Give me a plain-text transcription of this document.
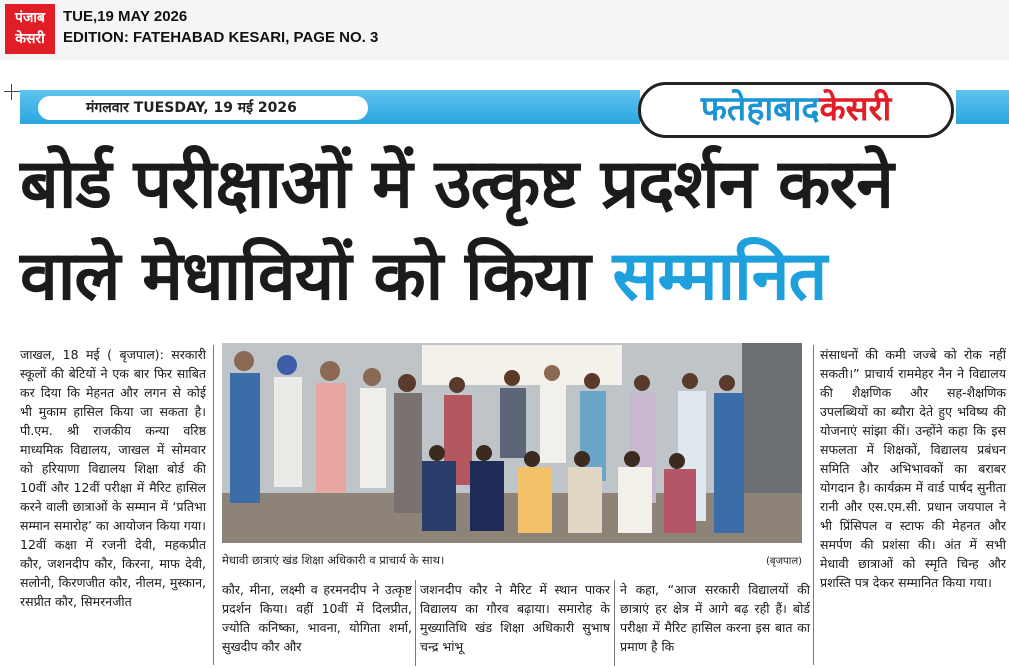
पंजाब
केसरी
TUE,19 MAY 2026
EDITION: FATEHABAD KESARI, PAGE NO. 3
मंगलवार TUESDAY, 19 मई 2026	फतेहाबादकेसरी
बोर्ड परीक्षाओं में उत्कृष्ट प्रदर्शन करने
वाले मेधावियों को किया सम्मानित
जाखल, 18 मई ( बृजपाल): सरकारी स्कूलों की बेटियों ने एक बार फिर साबित कर दिया कि मेहनत और लगन से कोई भी मुकाम हासिल किया जा सकता है। पी.एम. श्री राजकीय कन्या वरिष्ठ माध्यमिक विद्यालय, जाखल में सोमवार को हरियाणा विद्यालय शिक्षा बोर्ड की 10वीं और 12वीं परीक्षा में मैरिट हासिल करने वाली छात्राओं के सम्मान में ‘प्रतिभा सम्मान समारोह’ का आयोजन किया गया। 12वीं कक्षा में रजनी देवी, महकप्रीत कौर, जशनदीप कौर, किरना, माफ देवी, सलोनी, किरणजीत कौर, नीलम, मुस्कान, रसप्रीत कौर, सिमरनजीत
मेधावी छात्राएं खंड शिक्षा अधिकारी व प्राचार्य के साथ।	(बृजपाल)
कौर, मीना, लक्ष्मी व हरमनदीप ने उत्कृष्ट प्रदर्शन किया। वहीं 10वीं में दिलप्रीत, ज्योति कनिष्का, भावना, योगिता शर्मा, सुखदीप कौर और
जशनदीप कौर ने मैरिट में स्थान पाकर विद्यालय का गौरव बढ़ाया। समारोह के मुख्यातिथि खंड शिक्षा अधिकारी सुभाष चन्द्र भांभू
ने कहा, “आज सरकारी विद्यालयों की छात्राएं हर क्षेत्र में आगे बढ़ रही हैं। बोर्ड परीक्षा में मैरिट हासिल करना इस बात का प्रमाण है कि
संसाधनों की कमी जज्बे को रोक नहीं सकती।” प्राचार्य राममेहर नैन ने विद्यालय की शैक्षणिक और सह-शैक्षणिक उपलब्धियों का ब्यौरा देते हुए भविष्य की योजनाएं सांझा कीं। उन्होंने कहा कि इस सफलता में शिक्षकों, विद्यालय प्रबंधन समिति और अभिभावकों का बराबर योगदान है। कार्यक्रम में वार्ड पार्षद सुनीता रानी और एस.एम.सी. प्रधान जयपाल ने भी प्रिंसिपल व स्टाफ की मेहनत और समर्पण की प्रशंसा की। अंत में सभी मेधावी छात्राओं को स्मृति चिन्ह और प्रशस्ति पत्र देकर सम्मानित किया गया।
